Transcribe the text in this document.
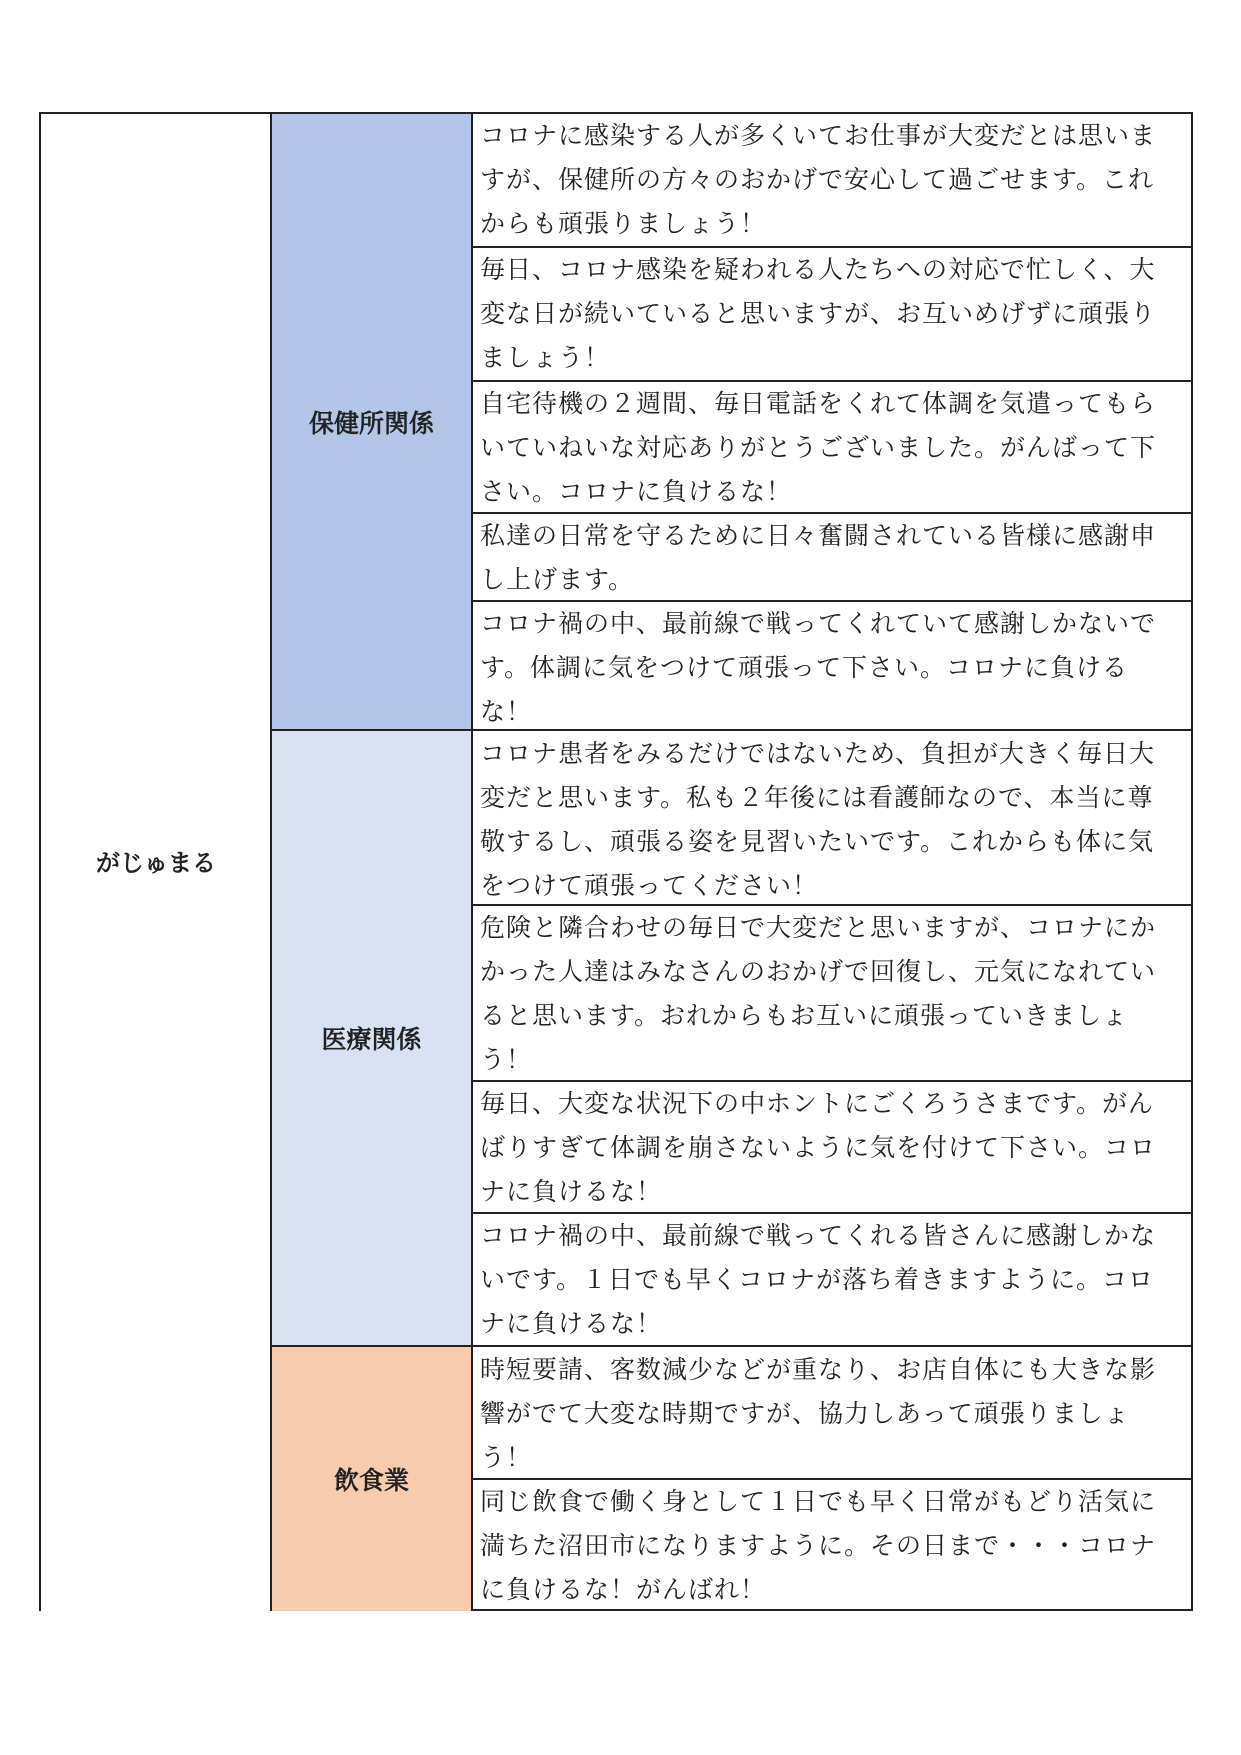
がじゅまる
保健所関係
医療関係
飲食業
コロナに感染する人が多くいてお仕事が大変だとは思いま
すが、保健所の方々のおかげで安心して過ごせます。これ
からも頑張りましょう！
毎日、コロナ感染を疑われる人たちへの対応で忙しく、大
変な日が続いていると思いますが、お互いめげずに頑張り
ましょう！
自宅待機の２週間、毎日電話をくれて体調を気遣ってもら
いていねいな対応ありがとうございました。がんばって下
さい。コロナに負けるな！
私達の日常を守るために日々奮闘されている皆様に感謝申
し上げます。
コロナ禍の中、最前線で戦ってくれていて感謝しかないで
す。体調に気をつけて頑張って下さい。コロナに負ける
な！
コロナ患者をみるだけではないため、負担が大きく毎日大
変だと思います。私も２年後には看護師なので、本当に尊
敬するし、頑張る姿を見習いたいです。これからも体に気
をつけて頑張ってください！
危険と隣合わせの毎日で大変だと思いますが、コロナにか
かった人達はみなさんのおかげで回復し、元気になれてい
ると思います。おれからもお互いに頑張っていきましょ
う！
毎日、大変な状況下の中ホントにごくろうさまです。がん
ばりすぎて体調を崩さないように気を付けて下さい。コロ
ナに負けるな！
コロナ禍の中、最前線で戦ってくれる皆さんに感謝しかな
いです。１日でも早くコロナが落ち着きますように。コロ
ナに負けるな！
時短要請、客数減少などが重なり、お店自体にも大きな影
響がでて大変な時期ですが、協力しあって頑張りましょ
う！
同じ飲食で働く身として１日でも早く日常がもどり活気に
満ちた沼田市になりますように。その日まで・・・コロナ
に負けるな！がんばれ！
